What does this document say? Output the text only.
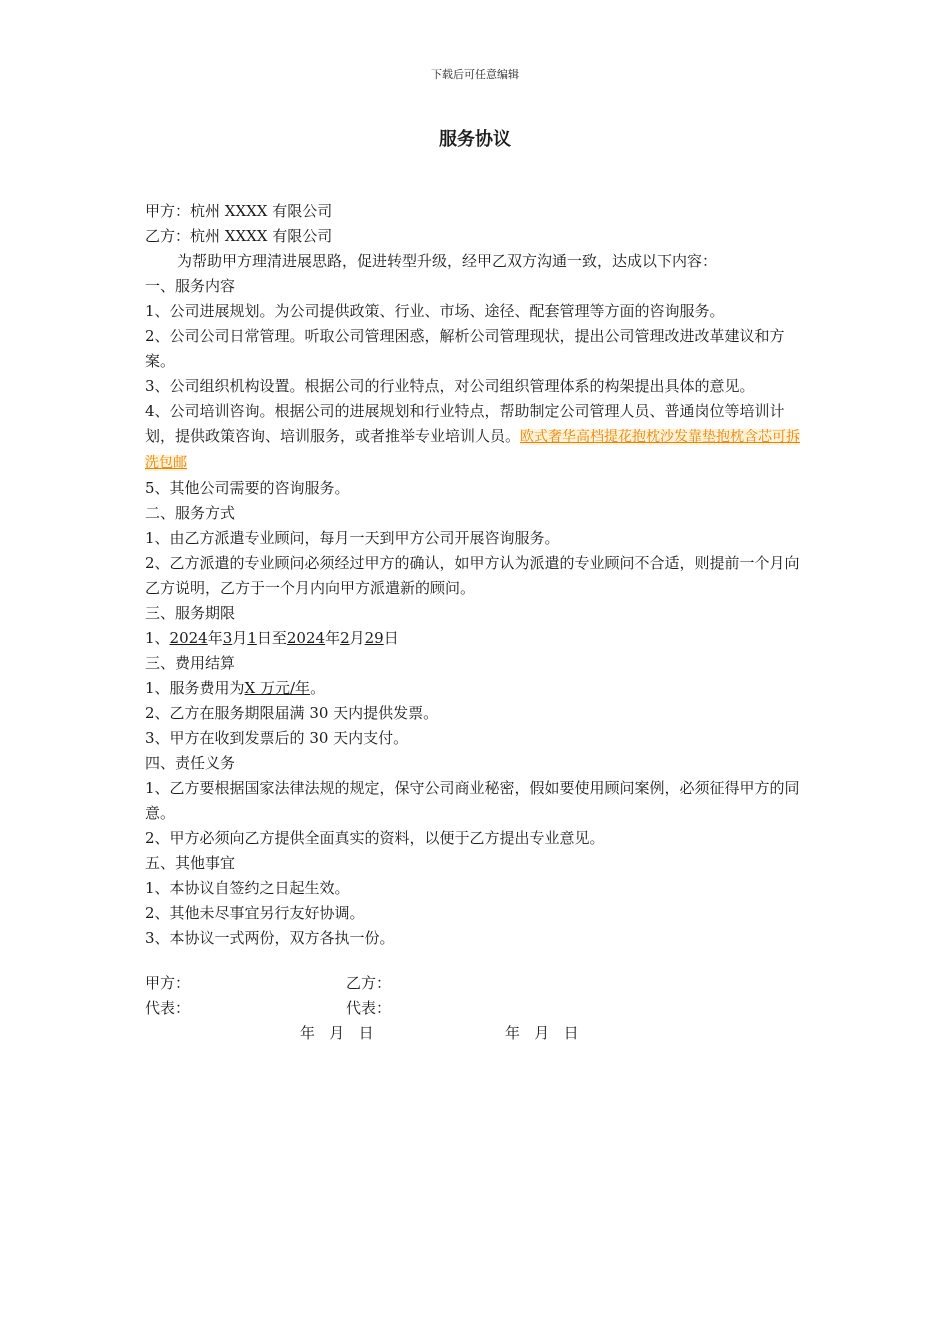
下载后可任意编辑
服务协议

甲方：杭州 XXXX 有限公司

乙方：杭州 XXXX 有限公司

为帮助甲方理清进展思路，促进转型升级，经甲乙双方沟通一致，达成以下内容：

一、服务内容

1、公司进展规划。为公司提供政策、行业、市场、途径、配套管理等方面的咨询服务。

2、公司公司日常管理。听取公司管理困惑，解析公司管理现状，提出公司管理改进改革建议和方案。

3、公司组织机构设置。根据公司的行业特点，对公司组织管理体系的构架提出具体的意见。

4、公司培训咨询。根据公司的进展规划和行业特点，帮助制定公司管理人员、普通岗位等培训计划，提供政策咨询、培训服务，或者推举专业培训人员。欧式奢华高档提花抱枕沙发靠垫抱枕含芯可拆洗包邮

5、其他公司需要的咨询服务。

二、服务方式

1、由乙方派遣专业顾问，每月一天到甲方公司开展咨询服务。

2、乙方派遣的专业顾问必须经过甲方的确认，如甲方认为派遣的专业顾问不合适，则提前一个月向乙方说明，乙方于一个月内向甲方派遣新的顾问。

三、服务期限

1、2024年3月1日至2024年2月29日

三、费用结算

1、服务费用为X 万元/年。

2、乙方在服务期限届满 30 天内提供发票。

3、甲方在收到发票后的 30 天内支付。

四、责任义务

1、乙方要根据国家法律法规的规定，保守公司商业秘密，假如要使用顾问案例，必须征得甲方的同意。

2、甲方必须向乙方提供全面真实的资料，以便于乙方提出专业意见。

五、其他事宜

1、本协议自签约之日起生效。

2、其他未尽事宜另行友好协调。

3、本协议一式两份，双方各执一份。

甲方：	乙方：
代表：	代表：
年   月   日	年   月   日
